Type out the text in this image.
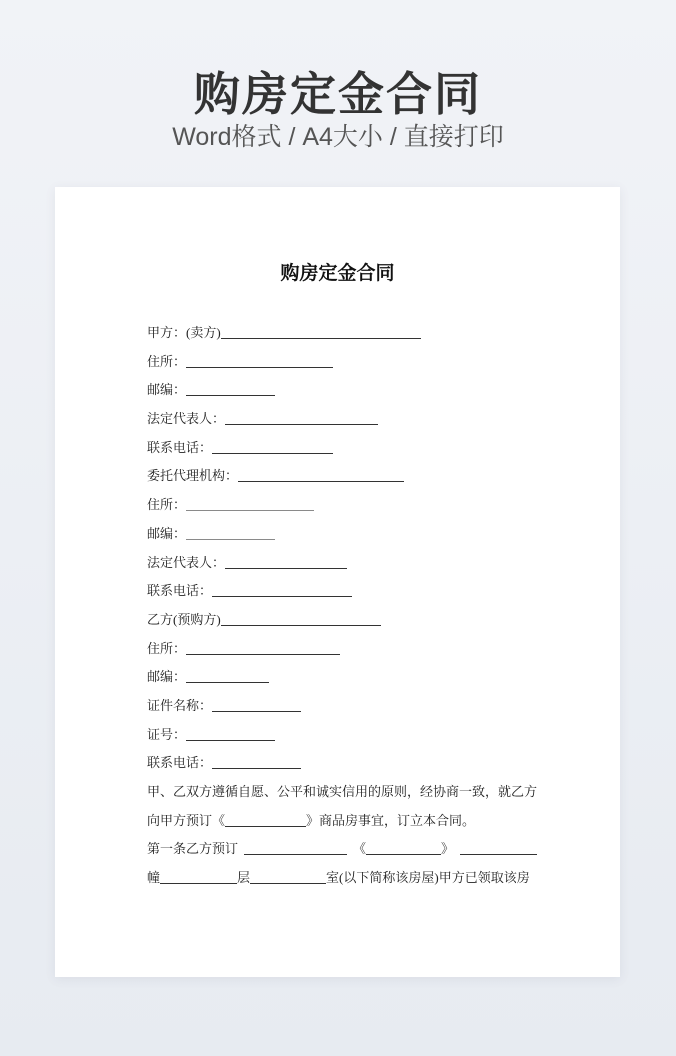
购房定金合同
Word格式 / A4大小 / 直接打印
购房定金合同
甲方：(卖方)
住所：
邮编：
法定代表人：
联系电话：
委托代理机构：
住所：
邮编：
法定代表人：
联系电话：
乙方(预购方)
住所：
邮编：
证件名称：
证号：
联系电话：
甲、乙双方遵循自愿、公平和诚实信用的原则，经协商一致，就乙方
向甲方预订《	》商品房事宜，订立本合同。
第一条乙方预订	《	》
幢	层	室(以下简称该房屋)甲方已领取该房
